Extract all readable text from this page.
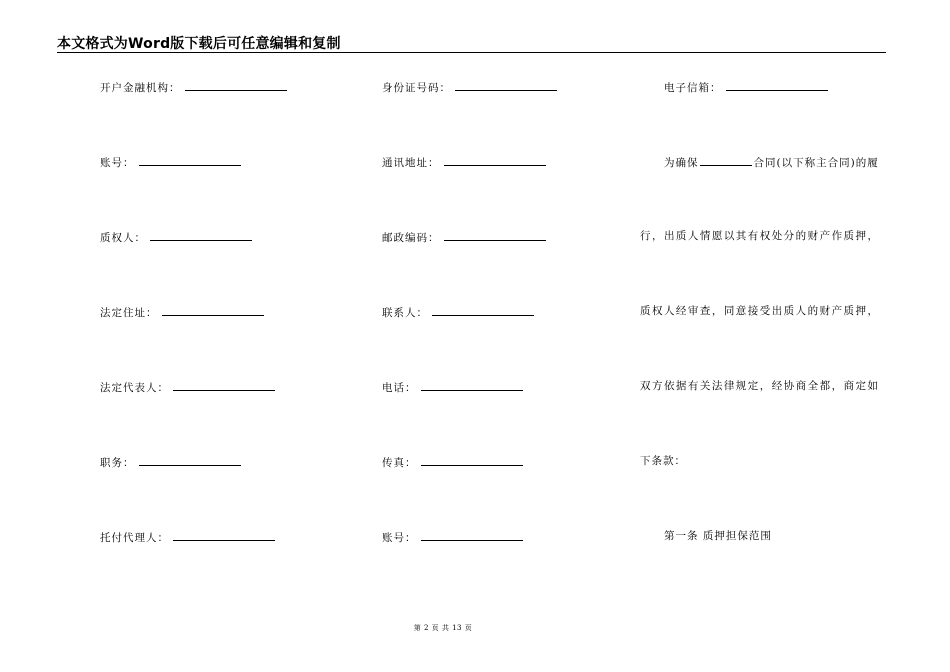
本文格式为Word版下载后可任意编辑和复制
开户金融机构：
账号：
质权人：
法定住址：
法定代表人：
职务：
托付代理人：
身份证号码：
通讯地址：
邮政编码：
联系人：
电话：
传真：
账号：
电子信箱：
为确保	合同(以下称主合同)的履
行，出质人情愿以其有权处分的财产作质押，
质权人经审查，同意接受出质人的财产质押，
双方依据有关法律规定，经协商全都，商定如
下条款：
第一条 质押担保范围
第 2 页 共 13 页
